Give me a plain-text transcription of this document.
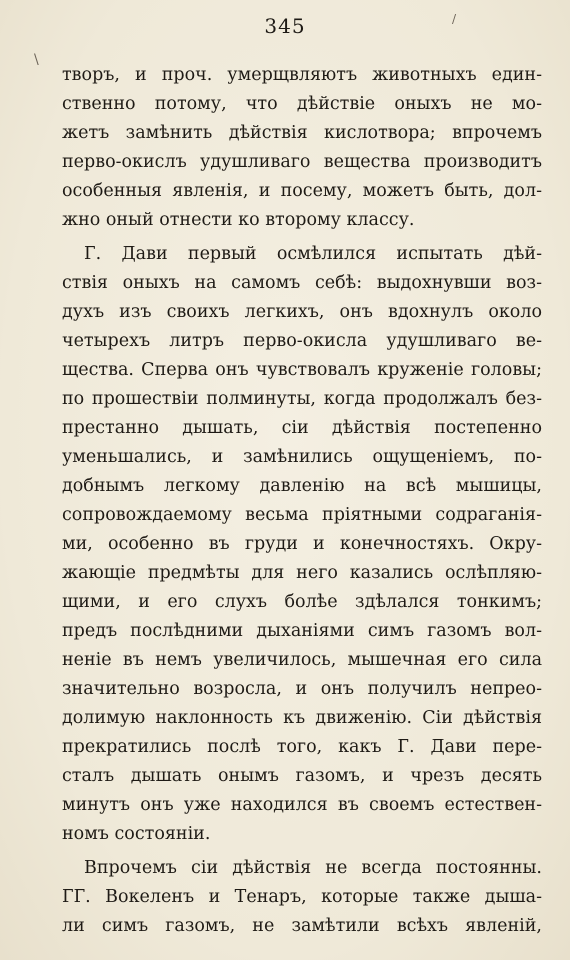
345
\
/
творъ, и проч. умерщвляютъ животныхъ един-
ственно потому, что дѣйствіе оныхъ не мо-
жетъ замѣнить дѣйствія кислотвора; впрочемъ
перво-окислъ удушливаго вещества производитъ
особенныя явленія, и посему, можетъ быть, дол-
жно оный отнести ко второму классу.
Г. Дави первый осмѣлился испытать дѣй-
ствія оныхъ на самомъ себѣ: выдохнувши воз-
духъ изъ своихъ легкихъ, онъ вдохнулъ около
четырехъ литръ перво-окисла удушливаго ве-
щества. Сперва онъ чувствовалъ круженіе головы;
по прошествіи полминуты, когда продолжалъ без-
престанно дышать, сіи дѣйствія постепенно
уменьшались, и замѣнились ощущеніемъ, по-
добнымъ легкому давленію на всѣ мышицы,
сопровождаемому весьма пріятными содраганія-
ми, особенно въ груди и конечностяхъ. Окру-
жающіе предмѣты для него казались ослѣпляю-
щими, и его слухъ болѣе здѣлался тонкимъ;
предъ послѣдними дыханіями симъ газомъ вол-
неніе въ немъ увеличилось, мышечная его сила
значительно возросла, и онъ получилъ непрео-
долимую наклонность къ движенію. Сіи дѣйствія
прекратились послѣ того, какъ Г. Дави пере-
сталъ дышать онымъ газомъ, и чрезъ десять
минутъ онъ уже находился въ своемъ естествен-
номъ состояніи.
Впрочемъ сіи дѣйствія не всегда постоянны.
ГГ. Вокеленъ и Тенаръ, которые также дыша-
ли симъ газомъ, не замѣтили всѣхъ явленій,
